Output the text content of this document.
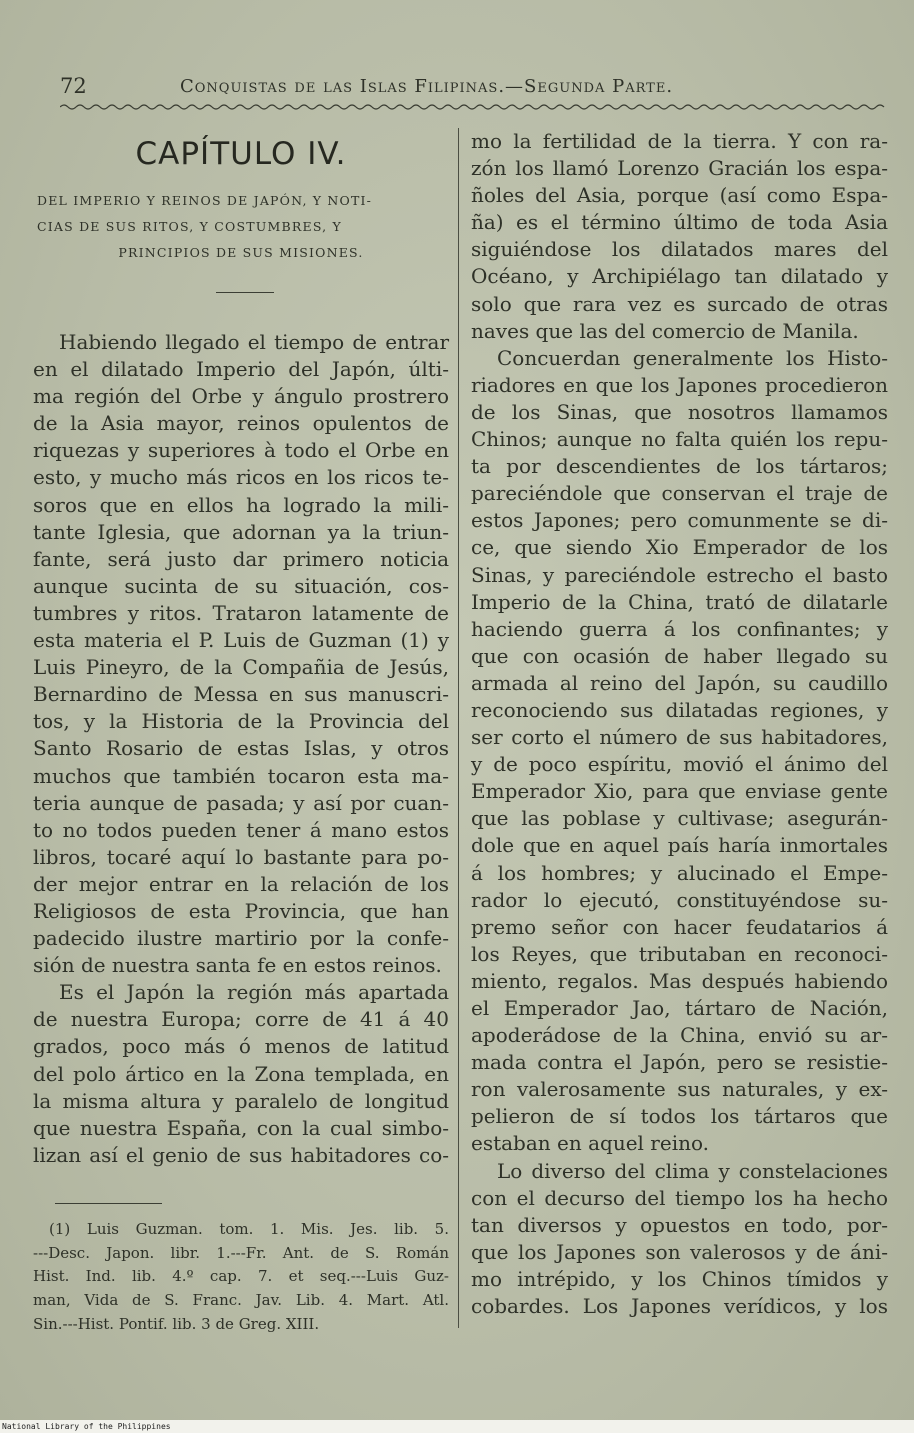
72	Conquistas de las Islas Filipinas.—Segunda Parte.
CAPÍTULO IV.
DEL IMPERIO Y REINOS DE JAPÓN, Y NOTI-
CIAS DE SUS RITOS, Y COSTUMBRES, Y
PRINCIPIOS DE SUS MISIONES.
Habiendo llegado el tiempo de entrar
en el dilatado Imperio del Japón, últi-
ma región del Orbe y ángulo prostrero
de la Asia mayor, reinos opulentos de
riquezas y superiores à todo el Orbe en
esto, y mucho más ricos en los ricos te-
soros que en ellos ha logrado la mili-
tante Iglesia, que adornan ya la triun-
fante, será justo dar primero noticia
aunque sucinta de su situación, cos-
tumbres y ritos. Trataron latamente de
esta materia el P. Luis de Guzman (1) y
Luis Pineyro, de la Compañia de Jesús,
Bernardino de Messa en sus manuscri-
tos, y la Historia de la Provincia del
Santo Rosario de estas Islas, y otros
muchos que también tocaron esta ma-
teria aunque de pasada; y así por cuan-
to no todos pueden tener á mano estos
libros, tocaré aquí lo bastante para po-
der mejor entrar en la relación de los
Religiosos de esta Provincia, que han
padecido ilustre martirio por la confe-
sión de nuestra santa fe en estos reinos.
Es el Japón la región más apartada
de nuestra Europa; corre de 41 á 40
grados, poco más ó menos de latitud
del polo ártico en la Zona templada, en
la misma altura y paralelo de longitud
que nuestra España, con la cual simbo-
lizan así el genio de sus habitadores co-
(1) Luis Guzman. tom. 1. Mis. Jes. lib. 5.
---Desc. Japon. libr. 1.---Fr. Ant. de S. Román
Hist. Ind. lib. 4.º cap. 7. et seq.---Luis Guz-
man, Vida de S. Franc. Jav. Lib. 4. Mart. Atl.
Sin.---Hist. Pontif. lib. 3 de Greg. XIII.
mo la fertilidad de la tierra. Y con ra-
zón los llamó Lorenzo Gracián los espa-
ñoles del Asia, porque (así como Espa-
ña) es el término último de toda Asia
siguiéndose los dilatados mares del
Océano, y Archipiélago tan dilatado y
solo que rara vez es surcado de otras
naves que las del comercio de Manila.
Concuerdan generalmente los Histo-
riadores en que los Japones procedieron
de los Sinas, que nosotros llamamos
Chinos; aunque no falta quién los repu-
ta por descendientes de los tártaros;
pareciéndole que conservan el traje de
estos Japones; pero comunmente se di-
ce, que siendo Xio Emperador de los
Sinas, y pareciéndole estrecho el basto
Imperio de la China, trató de dilatarle
haciendo guerra á los confinantes; y
que con ocasión de haber llegado su
armada al reino del Japón, su caudillo
reconociendo sus dilatadas regiones, y
ser corto el número de sus habitadores,
y de poco espíritu, movió el ánimo del
Emperador Xio, para que enviase gente
que las poblase y cultivase; asegurán-
dole que en aquel país haría inmortales
á los hombres; y alucinado el Empe-
rador lo ejecutó, constituyéndose su-
premo señor con hacer feudatarios á
los Reyes, que tributaban en reconoci-
miento, regalos. Mas después habiendo
el Emperador Jao, tártaro de Nación,
apoderádose de la China, envió su ar-
mada contra el Japón, pero se resistie-
ron valerosamente sus naturales, y ex-
pelieron de sí todos los tártaros que
estaban en aquel reino.
Lo diverso del clima y constelaciones
con el decurso del tiempo los ha hecho
tan diversos y opuestos en todo, por-
que los Japones son valerosos y de áni-
mo intrépido, y los Chinos tímidos y
cobardes. Los Japones verídicos, y los
National Library of the Philippines
